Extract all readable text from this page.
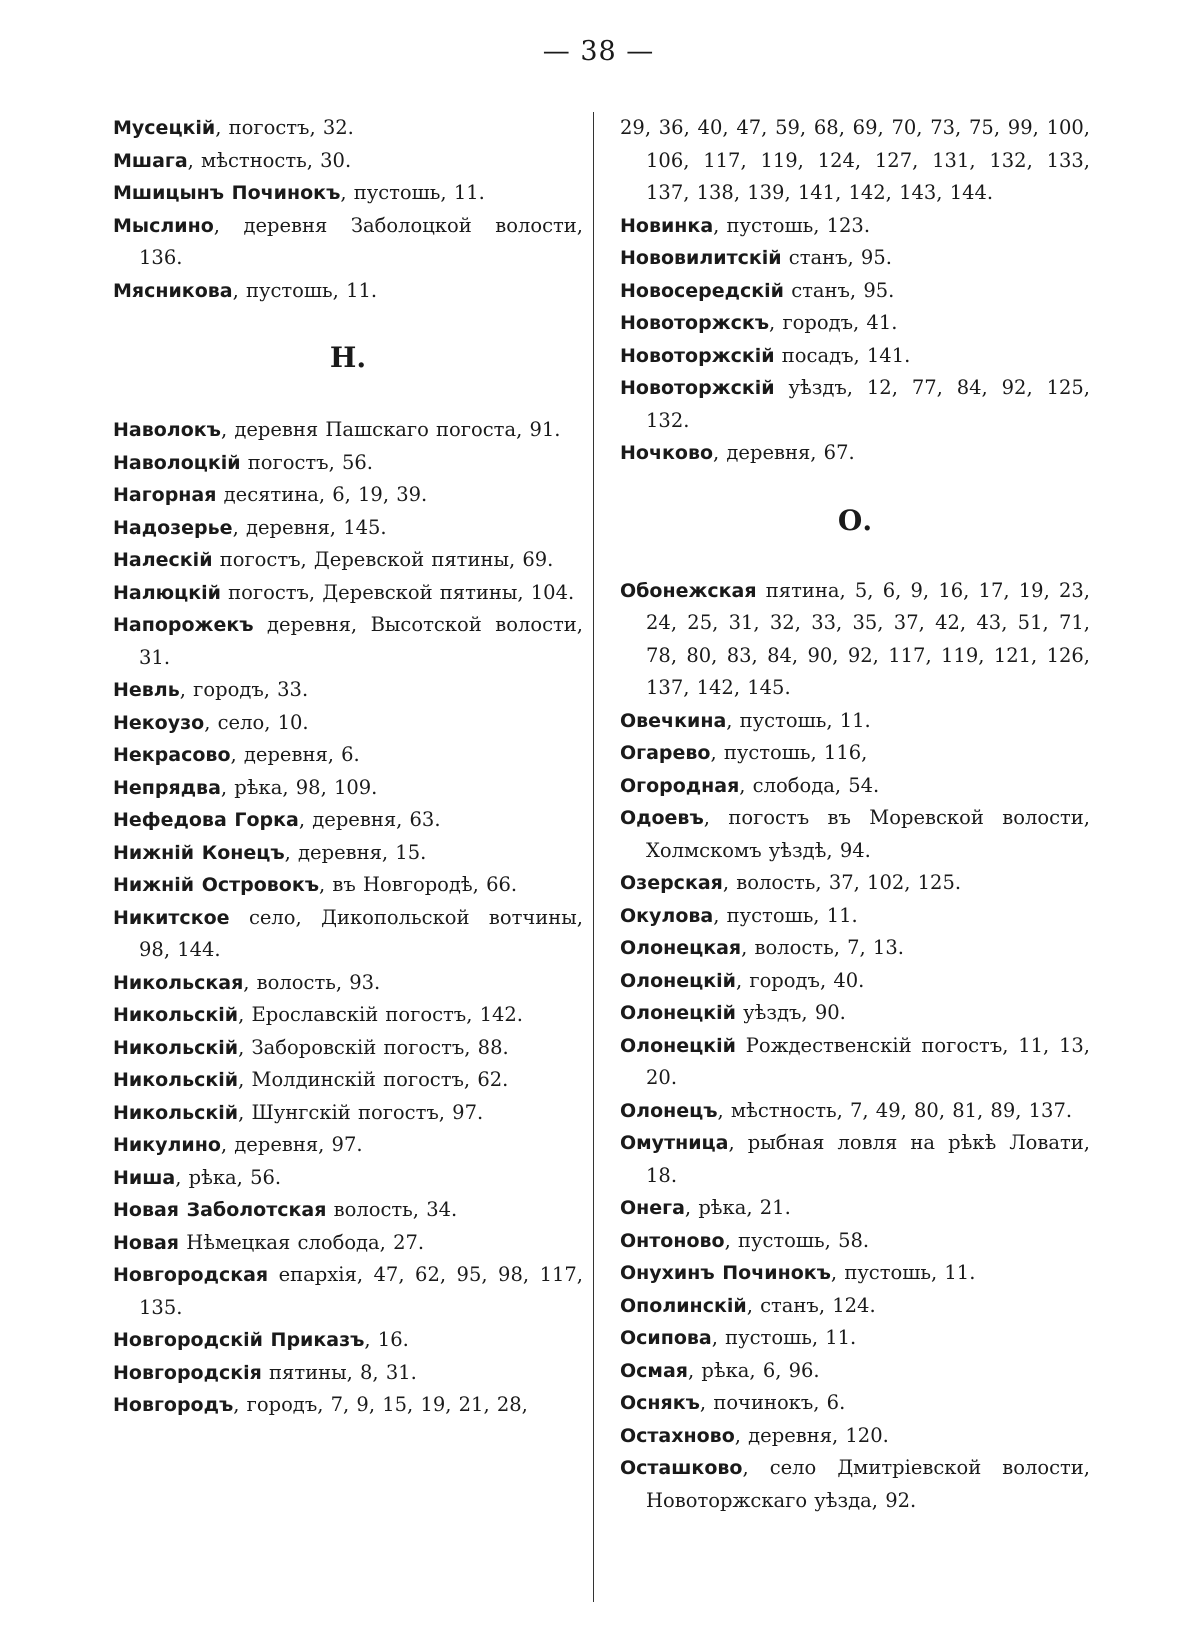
— 38 —
Мусецкій, погостъ, 32.
Мшага, мѣстность, 30.
Мшицынъ Починокъ, пустошь, 11.
Мыслино, деревня Заболоцкой волости, 136.
Мясникова, пустошь, 11.
Н.
Наволокъ, деревня Пашскаго погоста, 91.
Наволоцкій погостъ, 56.
Нагорная десятина, 6, 19, 39.
Надозерье, деревня, 145.
Налескій погостъ, Деревской пятины, 69.
Налюцкій погостъ, Деревской пятины, 104.
Напорожекъ деревня, Высотской волости, 31.
Невль, городъ, 33.
Некоузо, село, 10.
Некрасово, деревня, 6.
Непрядва, рѣка, 98, 109.
Нефедова Горка, деревня, 63.
Нижній Конецъ, деревня, 15.
Нижній Островокъ, въ Новгородѣ, 66.
Никитское село, Дикопольской вотчины, 98, 144.
Никольская, волость, 93.
Никольскій, Ерославскій погостъ, 142.
Никольскій, Заборовскій погостъ, 88.
Никольскій, Молдинскій погостъ, 62.
Никольскій, Шунгскій погостъ, 97.
Никулино, деревня, 97.
Ниша, рѣка, 56.
Новая Заболотская волость, 34.
Новая Нѣмецкая слобода, 27.
Новгородская епархія, 47, 62, 95, 98, 117, 135.
Новгородскій Приказъ, 16.
Новгородскія пятины, 8, 31.
Новгородъ, городъ, 7, 9, 15, 19, 21, 28,
29, 36, 40, 47, 59, 68, 69, 70, 73, 75, 99, 100, 106, 117, 119, 124, 127, 131, 132, 133, 137, 138, 139, 141, 142, 143, 144.
Новинка, пустошь, 123.
Нововилитскій станъ, 95.
Новосередскій станъ, 95.
Новоторжскъ, городъ, 41.
Новоторжскій посадъ, 141.
Новоторжскій уѣздъ, 12, 77, 84, 92, 125, 132.
Ночково, деревня, 67.
О.
Обонежская пятина, 5, 6, 9, 16, 17, 19, 23, 24, 25, 31, 32, 33, 35, 37, 42, 43, 51, 71, 78, 80, 83, 84, 90, 92, 117, 119, 121, 126, 137, 142, 145.
Овечкина, пустошь, 11.
Огарево, пустошь, 116,
Огородная, слобода, 54.
Одоевъ, погостъ въ Моревской волости, Холмскомъ уѣздѣ, 94.
Озерская, волость, 37, 102, 125.
Окулова, пустошь, 11.
Олонецкая, волость, 7, 13.
Олонецкій, городъ, 40.
Олонецкій уѣздъ, 90.
Олонецкій Рождественскій погостъ, 11, 13, 20.
Олонецъ, мѣстность, 7, 49, 80, 81, 89, 137.
Омутница, рыбная ловля на рѣкѣ Ловати, 18.
Онега, рѣка, 21.
Онтоново, пустошь, 58.
Онухинъ Починокъ, пустошь, 11.
Ополинскій, станъ, 124.
Осипова, пустошь, 11.
Осмая, рѣка, 6, 96.
Оснякъ, починокъ, 6.
Остахново, деревня, 120.
Осташково, село Дмитріевской волости, Новоторжскаго уѣзда, 92.
